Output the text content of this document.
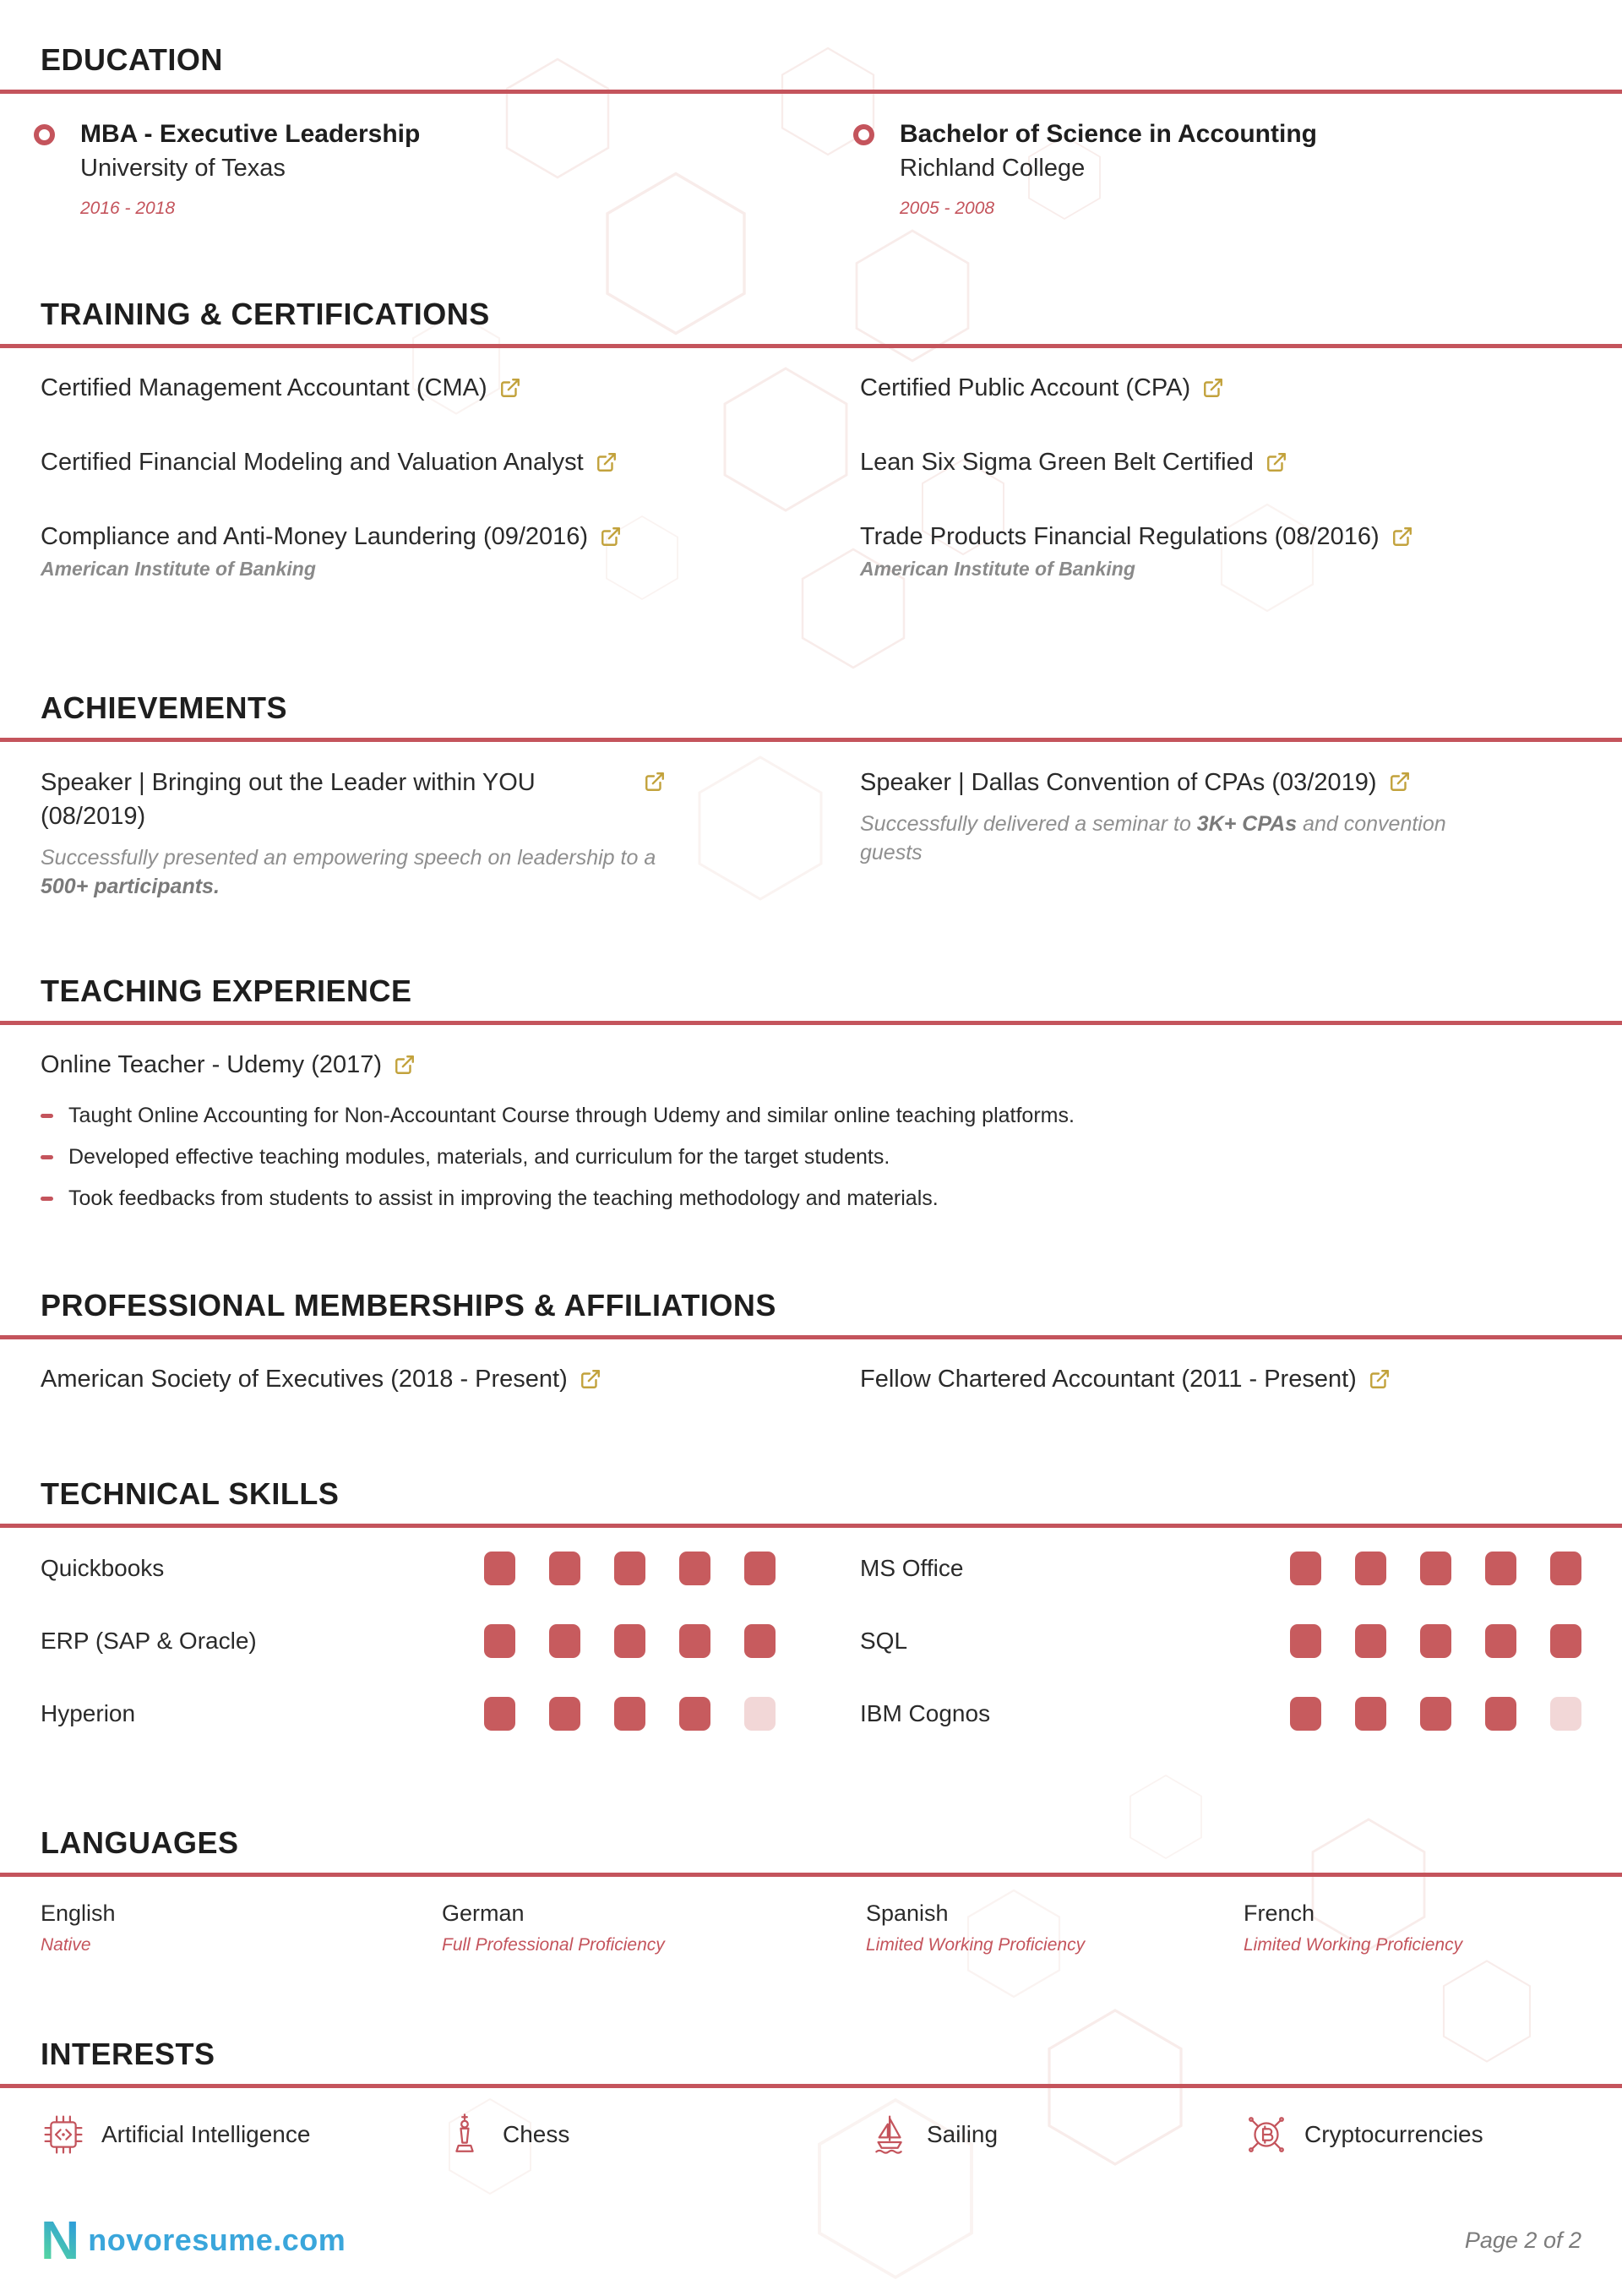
EDUCATION
MBA - Executive Leadership
University of Texas
2016 - 2018
Bachelor of Science in Accounting
Richland College
2005 - 2008
TRAINING & CERTIFICATIONS
Certified Management Accountant (CMA)	Certified Public Account (CPA)
Certified Financial Modeling and Valuation Analyst	Lean Six Sigma Green Belt Certified
Compliance and Anti-Money Laundering (09/2016)
American Institute of Banking
Trade Products Financial Regulations (08/2016)
American Institute of Banking
ACHIEVEMENTS
Speaker | Bringing out the Leader within YOU (08/2019)
Successfully presented an empowering speech on leadership to a 500+ participants.
Speaker | Dallas Convention of CPAs (03/2019)
Successfully delivered a seminar to 3K+ CPAs and convention guests
TEACHING EXPERIENCE
Online Teacher - Udemy (2017)
Taught Online Accounting for Non-Accountant Course through Udemy and similar online teaching platforms.
Developed effective teaching modules, materials, and curriculum for the target students.
Took feedbacks from students to assist in improving the teaching methodology and materials.
PROFESSIONAL MEMBERSHIPS & AFFILIATIONS
American Society of Executives (2018 - Present)	Fellow Chartered Accountant (2011 - Present)
TECHNICAL SKILLS
Quickbooks	MS Office
ERP (SAP & Oracle)	SQL
Hyperion	IBM Cognos
LANGUAGES
English
Native
German
Full Professional Proficiency
Spanish
Limited Working Proficiency
French
Limited Working Proficiency
INTERESTS
Artificial Intelligence	Chess	Sailing	Cryptocurrencies
N novoresume.com	Page 2 of 2
